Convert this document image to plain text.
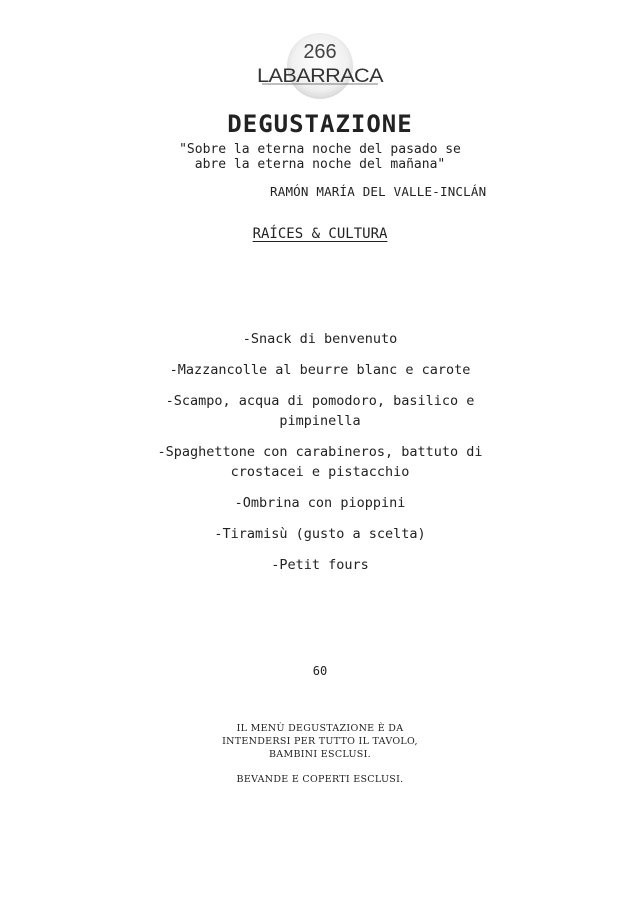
266
LABARRACA
DEGUSTAZIONE
"Sobre la eterna noche del pasado se
abre la eterna noche del mañana"
RAMÓN MARÍA DEL VALLE-INCLÁN
RAÍCES & CULTURA
-Snack di benvenuto
-Mazzancolle al beurre blanc e carote
-Scampo, acqua di pomodoro, basilico e
pimpinella
-Spaghettone con carabineros, battuto di
crostacei e pistacchio
-Ombrina con pioppini
-Tiramisù (gusto a scelta)
-Petit fours
60

IL MENÙ DEGUSTAZIONE È DA
INTENDERSI PER TUTTO IL TAVOLO,
BAMBINI ESCLUSI.

BEVANDE E COPERTI ESCLUSI.
